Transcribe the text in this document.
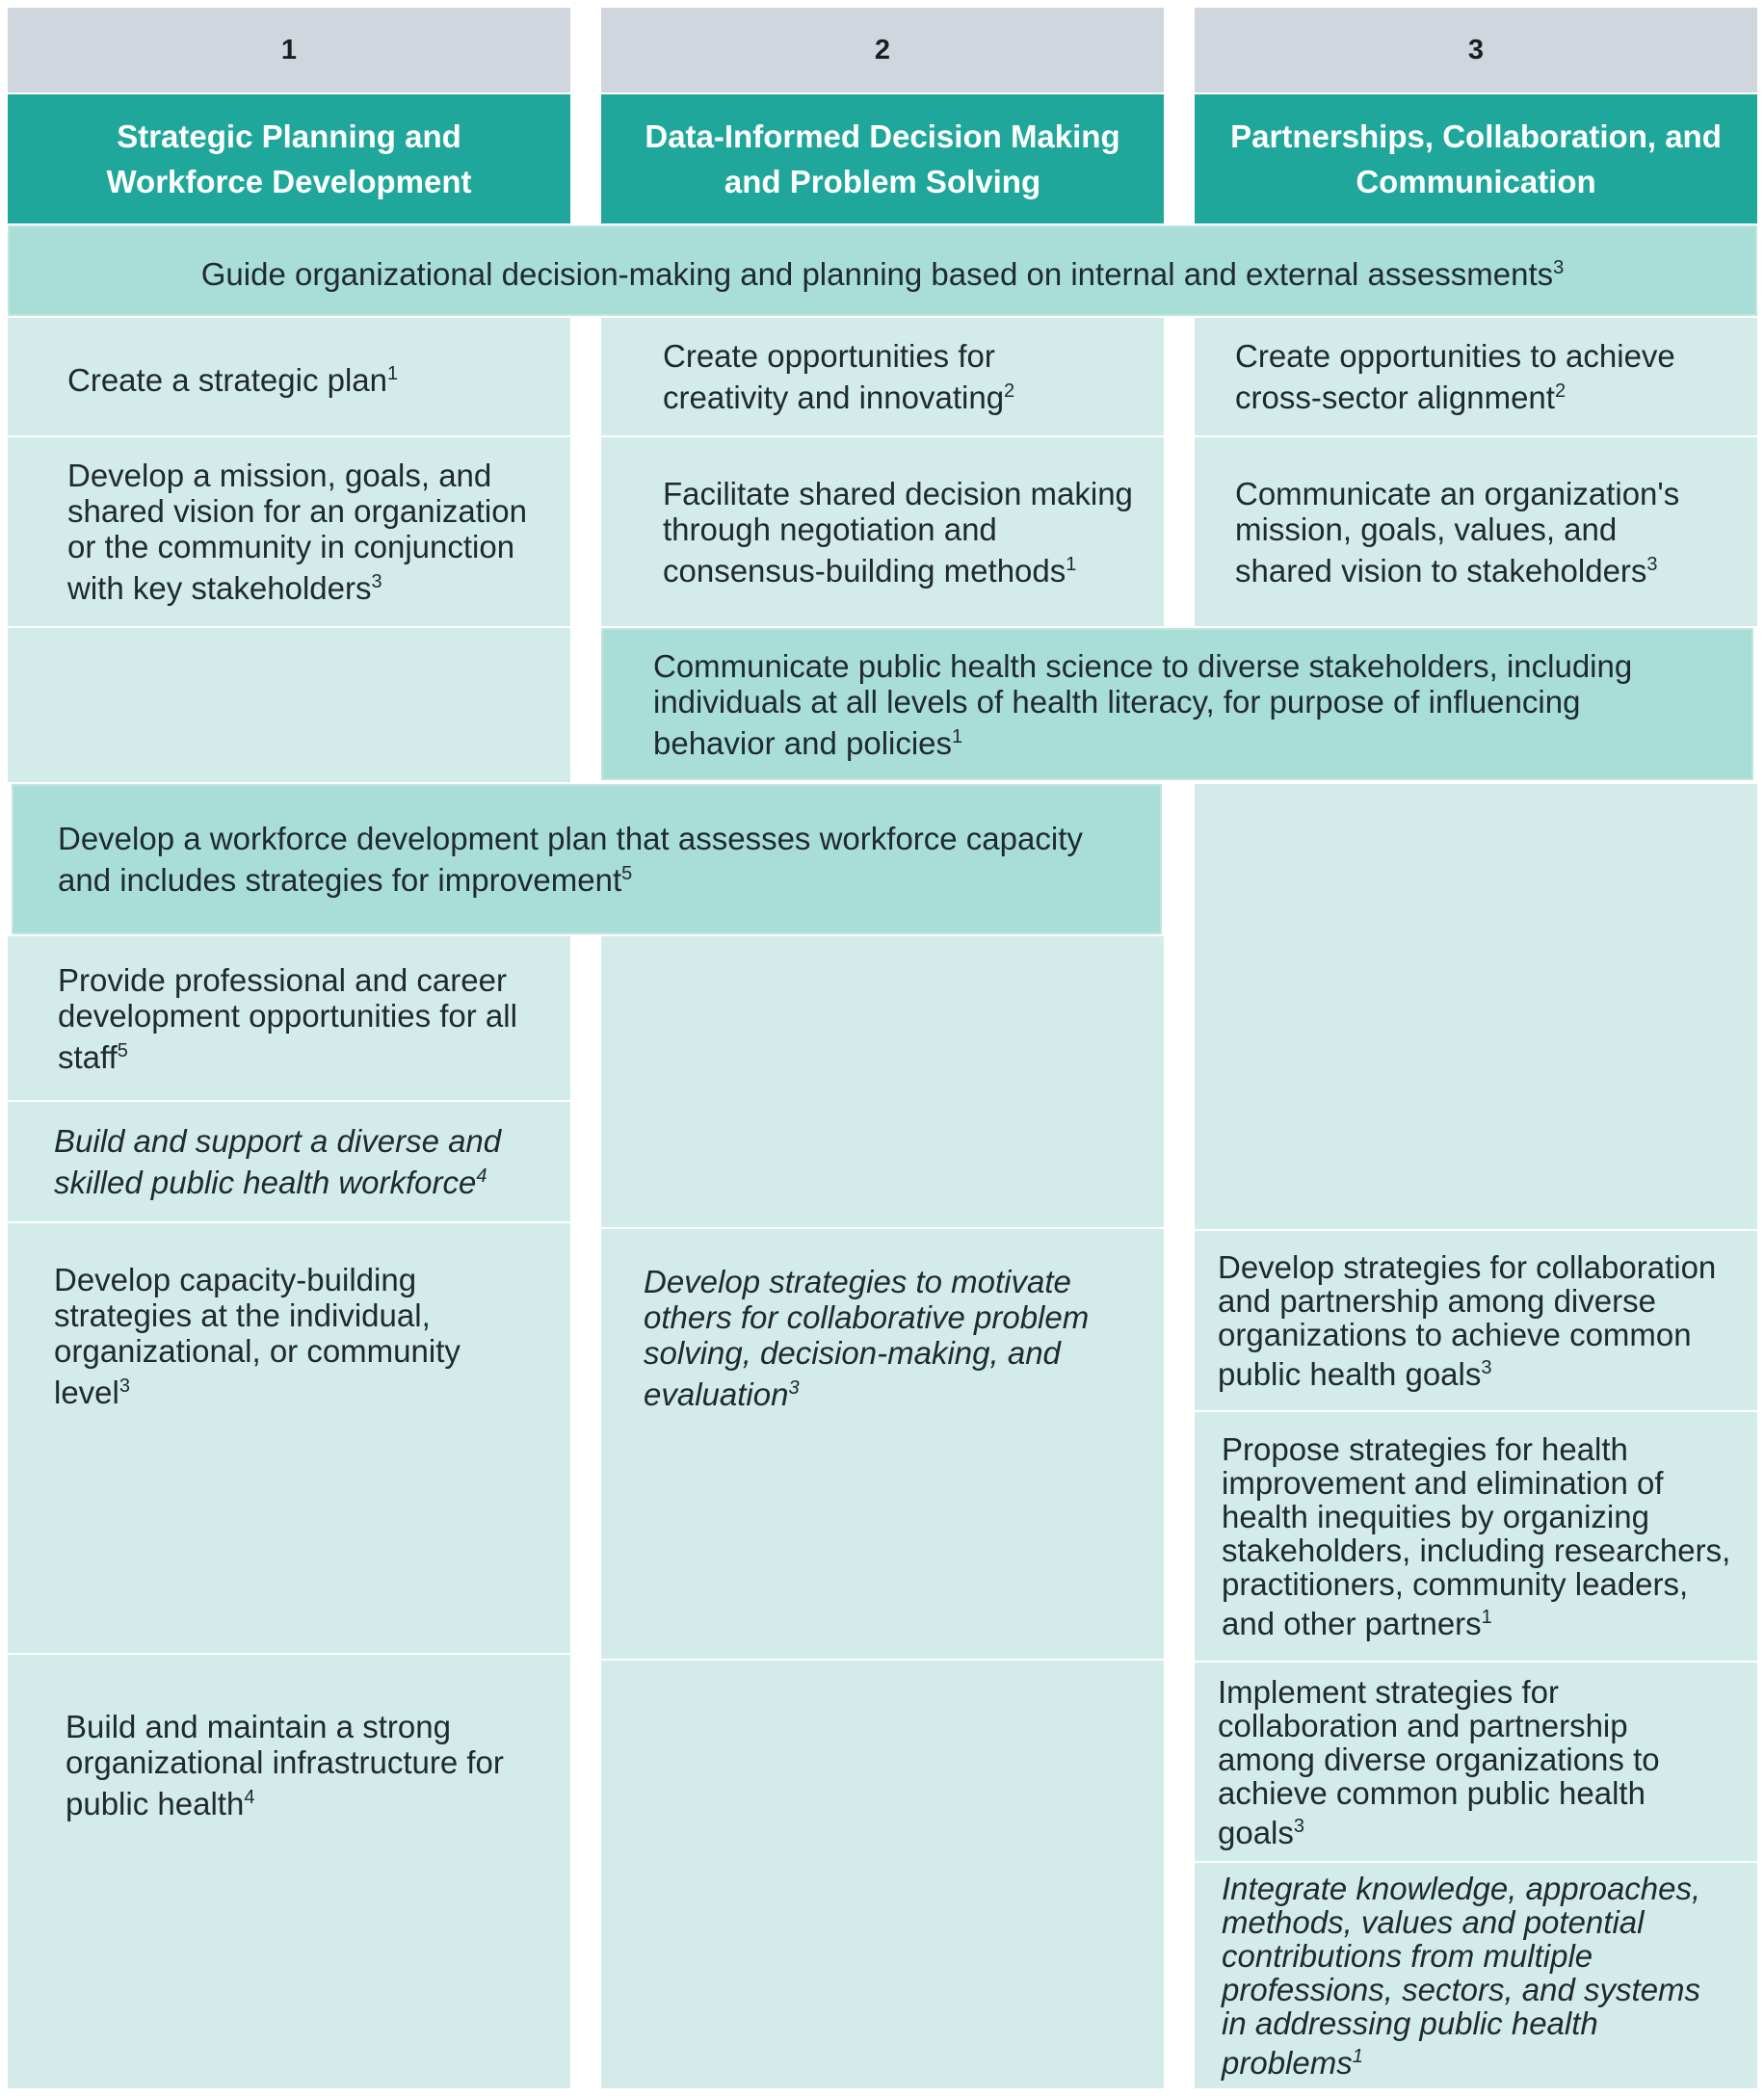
1	2	3
Strategic Planning and Workforce Development
Data-Informed Decision Making and Problem Solving
Partnerships, Collaboration, and Communication
Guide organizational decision-making and planning based on internal and external assessments$^3$
Create a strategic plan$^1$
Develop a mission, goals, and shared vision for an organization or the community in conjunction with key stakeholders$^3$
Create opportunities for creativity and innovating$^2$
Facilitate shared decision making through negotiation and consensus-building methods$^1$
Create opportunities to achieve cross-sector alignment$^2$
Communicate an organization's mission, goals, values, and shared vision to stakeholders$^3$
Communicate public health science to diverse stakeholders, including individuals at all levels of health literacy, for purpose of influencing behavior and policies$^1$
Develop a workforce development plan that assesses workforce capacity and includes strategies for improvement$^5$
Provide professional and career development opportunities for all staff$^5$
Build and support a diverse and skilled public health workforce$^4$
Develop capacity-building strategies at the individual, organizational, or community level$^3$
Build and maintain a strong organizational infrastructure for public health$^4$
Develop strategies to motivate others for collaborative problem solving, decision-making, and evaluation$^3$
Develop strategies for collaboration and partnership among diverse organizations to achieve common public health goals$^3$
Propose strategies for health improvement and elimination of health inequities by organizing stakeholders, including researchers, practitioners, community leaders, and other partners$^1$
Implement strategies for collaboration and partnership among diverse organizations to achieve common public health goals$^3$
Integrate knowledge, approaches, methods, values and potential contributions from multiple professions, sectors, and systems in addressing public health problems$^1$
